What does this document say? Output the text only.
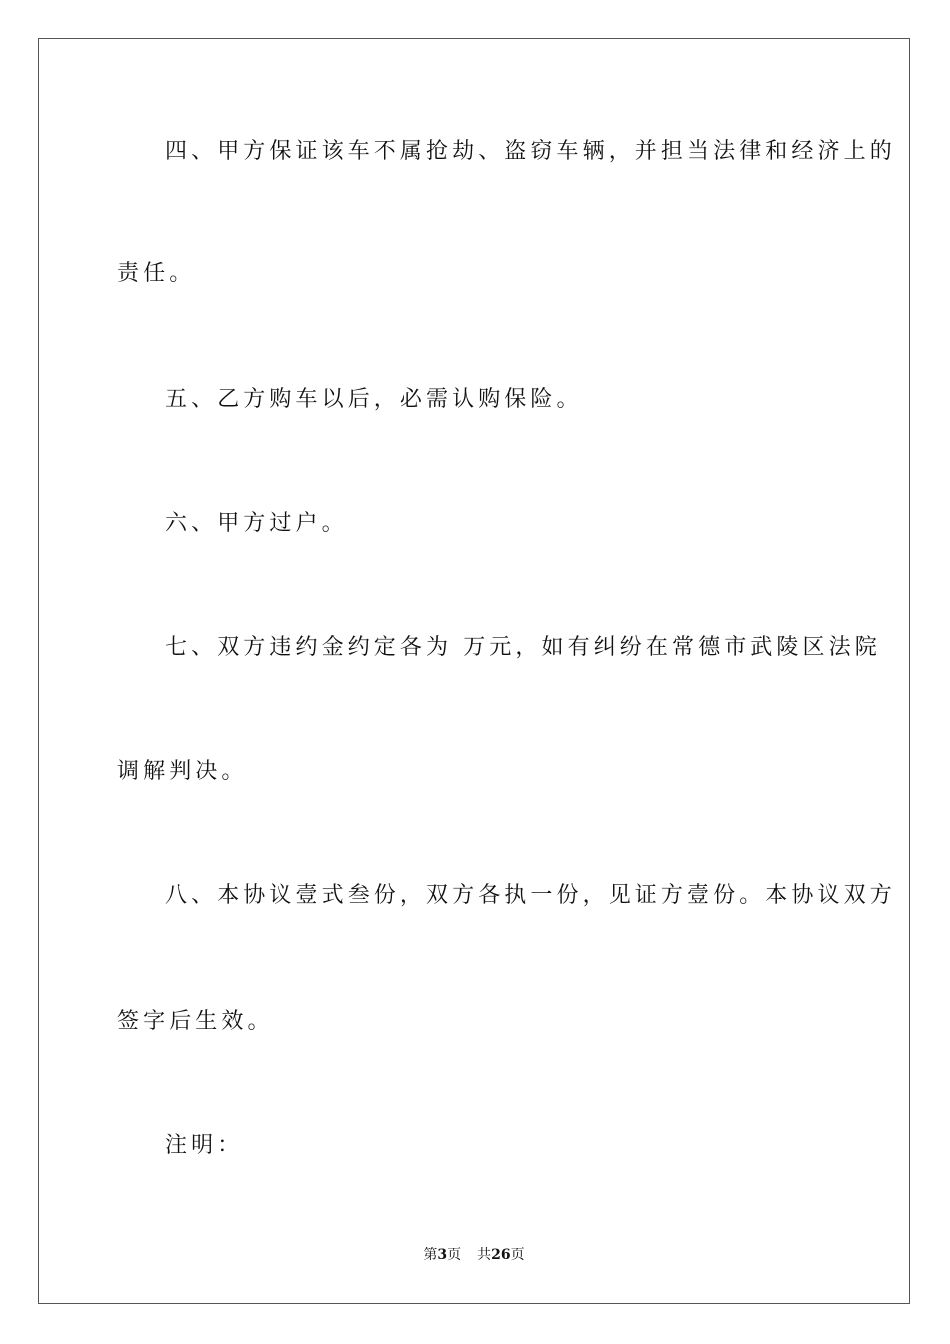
四、甲方保证该车不属抢劫、盗窃车辆，并担当法律和经济上的

责任。

五、乙方购车以后，必需认购保险。

六、甲方过户。

七、双方违约金约定各为 万元，如有纠纷在常德市武陵区法院

调解判决。

八、本协议壹式叁份，双方各执一份，见证方壹份。本协议双方

签字后生效。

注明：

第3页 共26页
